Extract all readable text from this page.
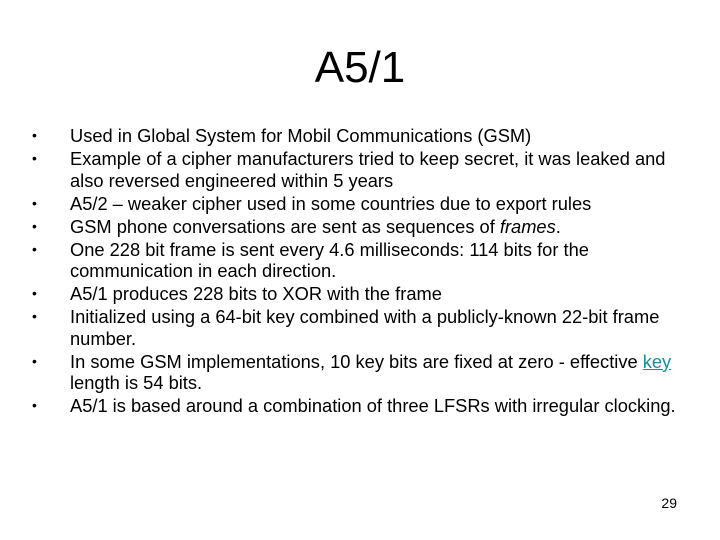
A5/1
•	Used in Global System for Mobil Communications (GSM)
•	Example of a cipher manufacturers tried to keep secret, it was leaked and also reversed engineered within 5 years
•	A5/2 – weaker cipher used in some countries due to export rules
•	GSM phone conversations are sent as sequences of frames.
•	One 228 bit frame is sent every 4.6 milliseconds: 114 bits for the communication in each direction.
•	A5/1 produces 228 bits to XOR with the frame
•	Initialized using a 64-bit key combined with a publicly-known 22-bit frame number.
•	In some GSM implementations, 10 key bits are fixed at zero - effective key length is 54 bits.
•	A5/1 is based around a combination of three LFSRs with irregular clocking.
29
